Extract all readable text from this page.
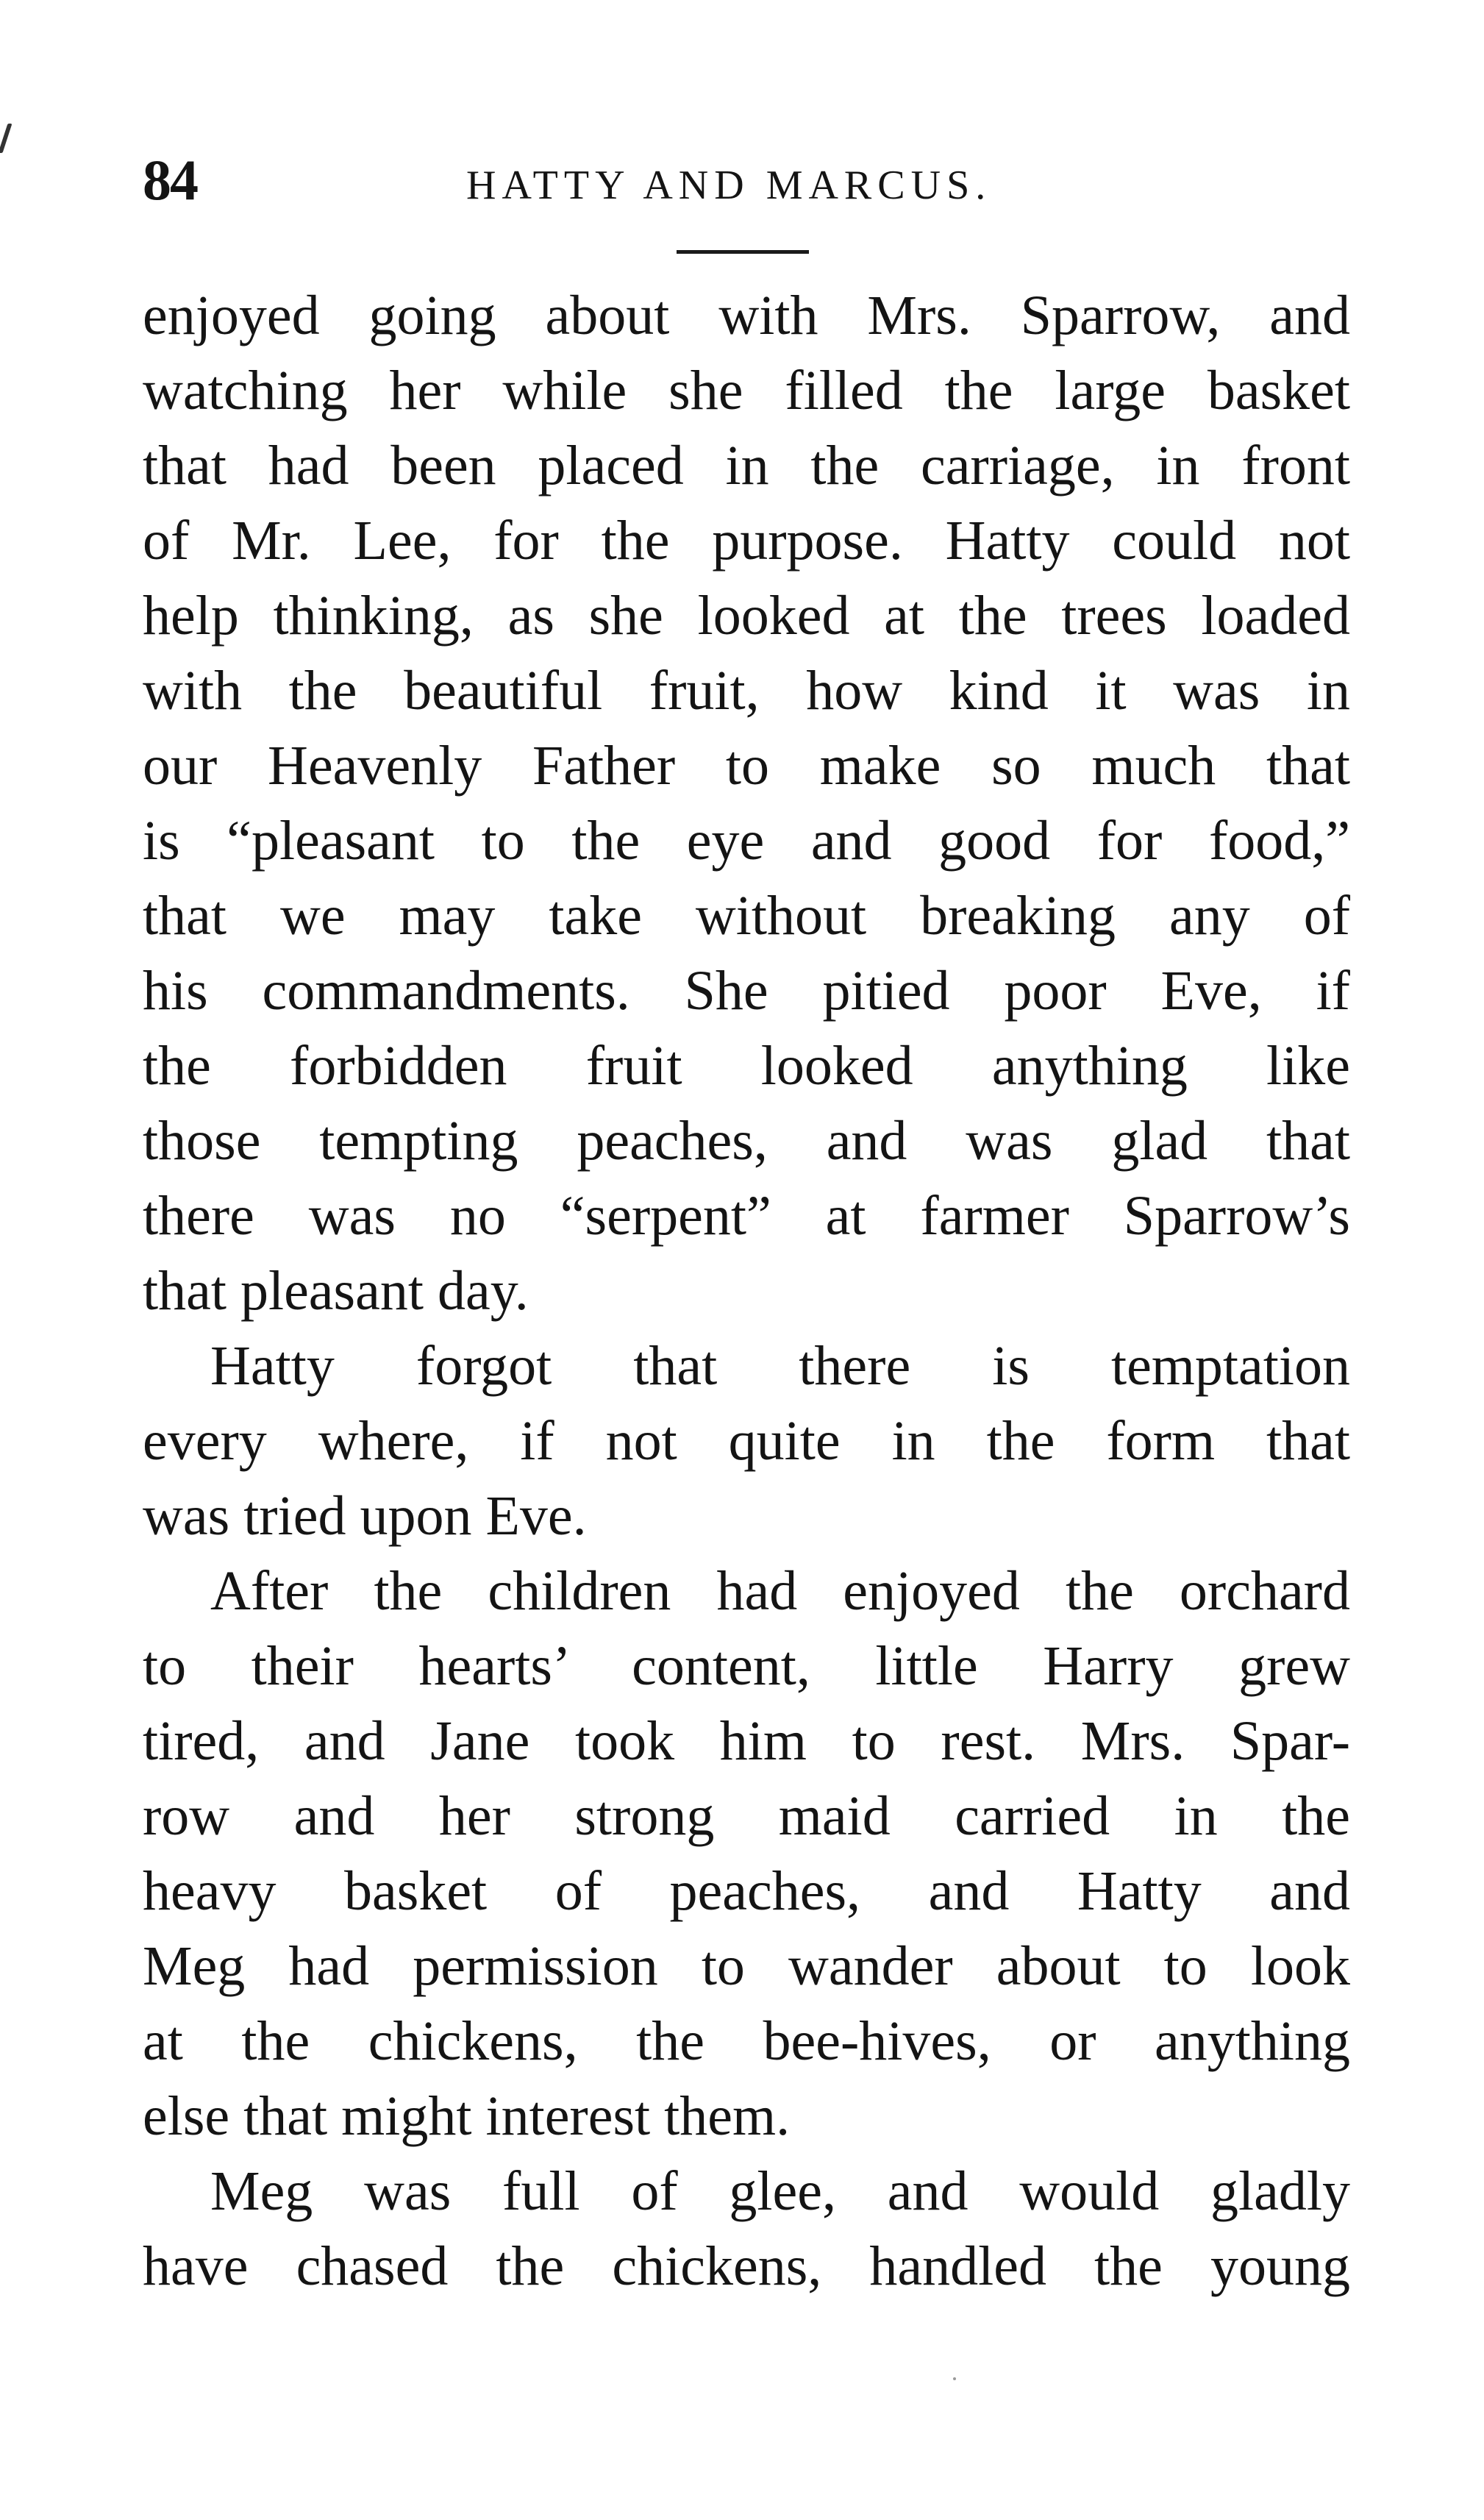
84	HATTY AND MARCUS.
enjoyed going about with Mrs. Sparrow, and
watching her while she filled the large basket
that had been placed in the carriage, in front
of Mr. Lee, for the purpose. Hatty could not
help thinking, as she looked at the trees loaded
with the beautiful fruit, how kind it was in
our Heavenly Father to make so much that
is “pleasant to the eye and good for food,”
that we may take without breaking any of
his commandments. She pitied poor Eve, if
the forbidden fruit looked anything like
those tempting peaches, and was glad that
there was no “serpent” at farmer Sparrow’s
that pleasant day.
Hatty forgot that there is temptation
every where, if not quite in the form that
was tried upon Eve.
After the children had enjoyed the orchard
to their hearts’ content, little Harry grew
tired, and Jane took him to rest. Mrs. Spar-
row and her strong maid carried in the
heavy basket of peaches, and Hatty and
Meg had permission to wander about to look
at the chickens, the bee-hives, or anything
else that might interest them.
Meg was full of glee, and would gladly
have chased the chickens, handled the young
